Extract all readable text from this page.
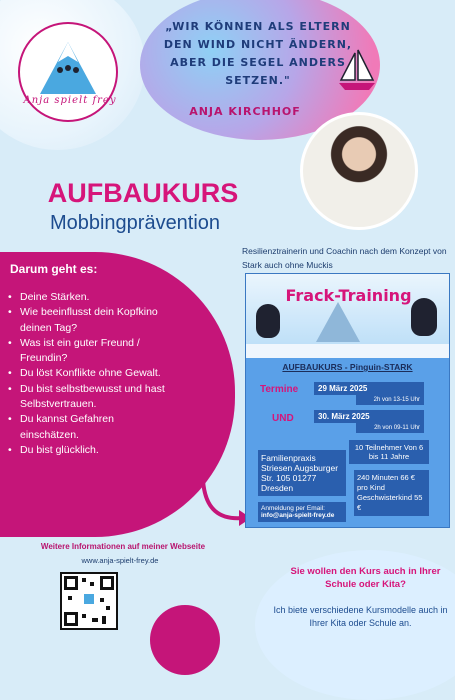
Anja spielt frey
„WIR KÖNNEN ALS ELTERN DEN WIND NICHT ÄNDERN, ABER DIE SEGEL ANDERS SETZEN."
ANJA KIRCHHOF
AUFBAUKURS
Mobbingprävention
Resilienztrainerin und Coachin nach dem Konzept von Stark auch ohne Muckis
Darum geht es:
• Deine Stärken.
• Wie beeinflusst dein Kopfkino deinen Tag?
• Was ist ein guter Freund / Freundin?
• Du löst Konflikte ohne Gewalt.
• Du bist selbstbewusst und hast Selbstvertrauen.
• Du kannst Gefahren einschätzen.
• Du bist glücklich.
Frack-Training
AUFBAUKURS - Pinguin-STARK
Termine	29 März 2025
2h von 13-15 Uhr
UND	30. März 2025
2h von 09-11 Uhr
10 Teilnehmer Von 6 bis 11 Jahre
Familienpraxis Striesen Augsburger Str. 105 01277 Dresden
240 Minuten 66 € pro Kind Geschwisterkind 55 €
Anmeldung per Email:
info@anja-spielt-frey.de
Weitere Informationen auf meiner Webseite
www.anja-spielt-frey.de
Sie wollen den Kurs auch in Ihrer Schule oder Kita?
Ich biete verschiedene Kursmodelle auch in Ihrer Kita oder Schule an.
